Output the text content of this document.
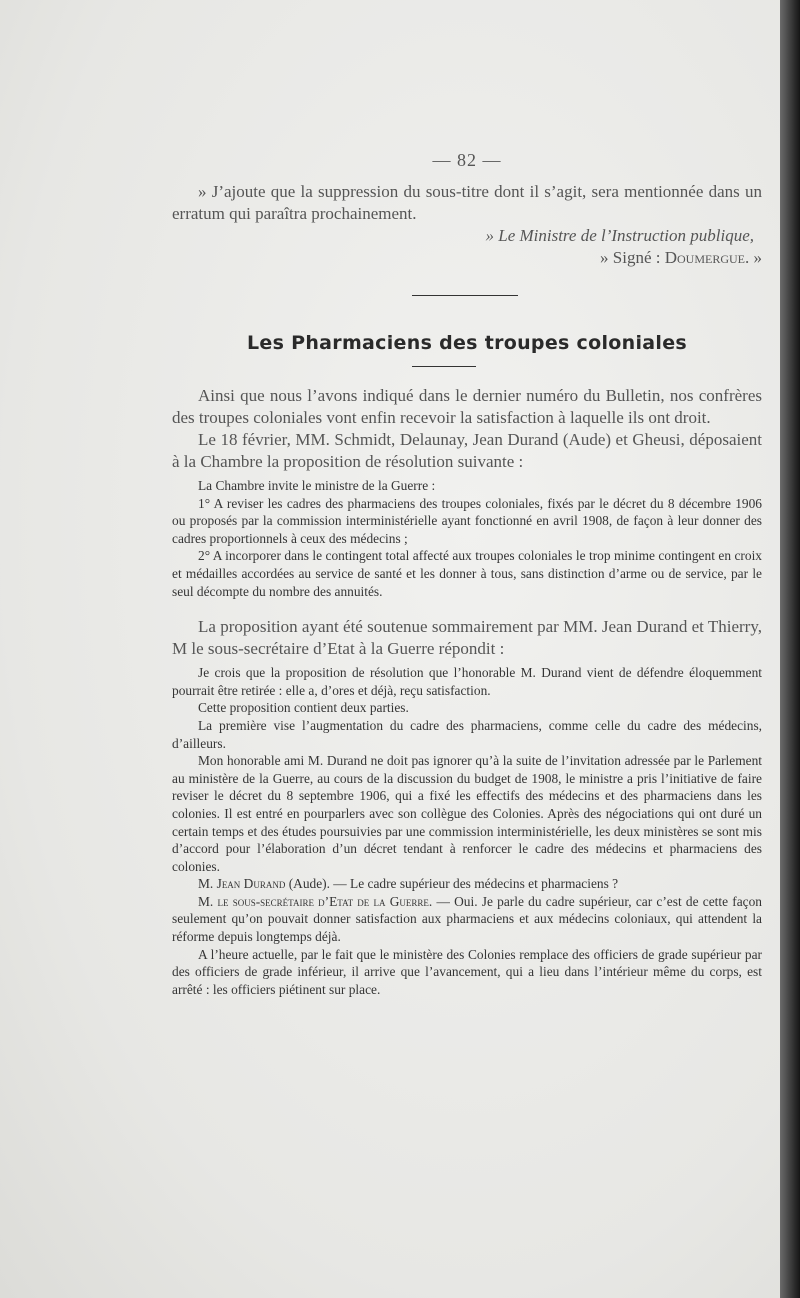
— 82 —

» J’ajoute que la suppression du sous-titre dont il s’agit, sera mentionnée dans un erratum qui paraîtra prochainement.

» Le Ministre de l’Instruction publique,

» Signé : Doumergue. »

Les Pharmaciens des troupes coloniales

Ainsi que nous l’avons indiqué dans le dernier numéro du Bulletin, nos confrères des troupes coloniales vont enfin recevoir la satisfaction à laquelle ils ont droit.

Le 18 février, MM. Schmidt, Delaunay, Jean Durand (Aude) et Gheusi, déposaient à la Chambre la proposition de résolution suivante :

La Chambre invite le ministre de la Guerre :

1° A reviser les cadres des pharmaciens des troupes coloniales, fixés par le décret du 8 décembre 1906 ou proposés par la commission interministérielle ayant fonctionné en avril 1908, de façon à leur donner des cadres proportionnels à ceux des médecins ;

2° A incorporer dans le contingent total affecté aux troupes coloniales le trop minime contingent en croix et médailles accordées au service de santé et les donner à tous, sans distinction d’arme ou de service, par le seul décompte du nombre des annuités.

La proposition ayant été soutenue sommairement par MM. Jean Durand et Thierry, M le sous-secrétaire d’Etat à la Guerre répondit :

Je crois que la proposition de résolution que l’honorable M. Durand vient de défendre éloquemment pourrait être retirée : elle a, d’ores et déjà, reçu satisfaction.

Cette proposition contient deux parties.

La première vise l’augmentation du cadre des pharmaciens, comme celle du cadre des médecins, d’ailleurs.

Mon honorable ami M. Durand ne doit pas ignorer qu’à la suite de l’invitation adressée par le Parlement au ministère de la Guerre, au cours de la discussion du budget de 1908, le ministre a pris l’initiative de faire reviser le décret du 8 septembre 1906, qui a fixé les effectifs des médecins et des pharmaciens dans les colonies. Il est entré en pourparlers avec son collègue des Colonies. Après des négociations qui ont duré un certain temps et des études poursuivies par une commission interministérielle, les deux ministères se sont mis d’accord pour l’élaboration d’un décret tendant à renforcer le cadre des médecins et pharmaciens des colonies.

M. Jean Durand (Aude). — Le cadre supérieur des médecins et pharmaciens ?

M. le sous-secrétaire d’Etat de la Guerre. — Oui. Je parle du cadre supérieur, car c’est de cette façon seulement qu’on pouvait donner satisfaction aux pharmaciens et aux médecins coloniaux, qui attendent la réforme depuis longtemps déjà.

A l’heure actuelle, par le fait que le ministère des Colonies remplace des officiers de grade supérieur par des officiers de grade inférieur, il arrive que l’avancement, qui a lieu dans l’intérieur même du corps, est arrêté : les officiers piétinent sur place.
